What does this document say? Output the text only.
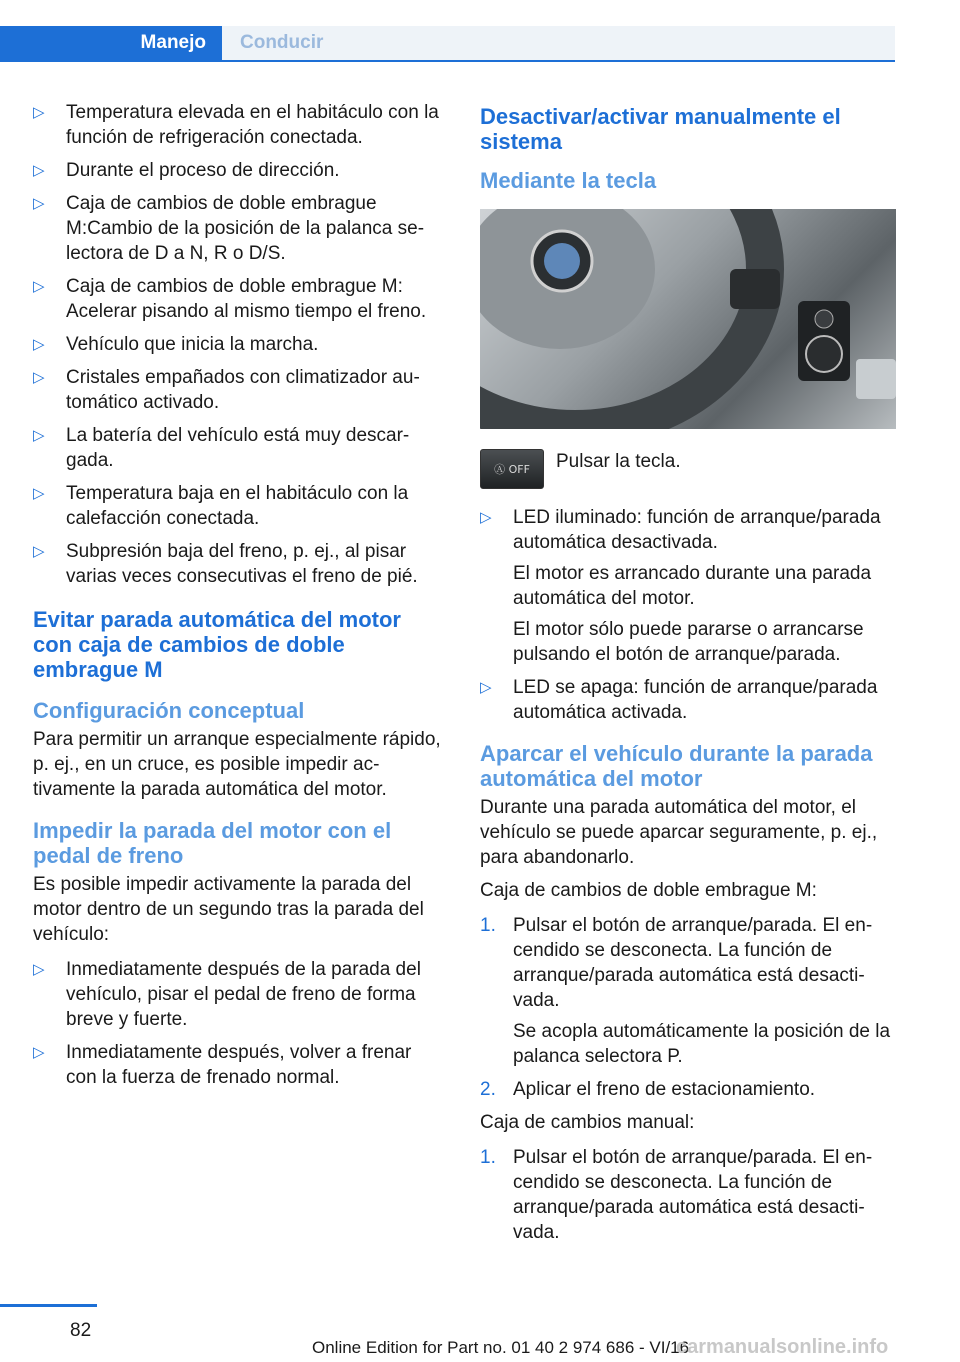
Manejo	Conducir
▷ Temperatura elevada en el habitáculo con la función de refrigeración conectada.
▷ Durante el proceso de dirección.
▷ Caja de cambios de doble embrague M:Cambio de la posición de la palanca selectora de D a N, R o D/S.
▷ Caja de cambios de doble embrague M: Acelerar pisando al mismo tiempo el freno.
▷ Vehículo que inicia la marcha.
▷ Cristales empañados con climatizador automático activado.
▷ La batería del vehículo está muy descargada.
▷ Temperatura baja en el habitáculo con la calefacción conectada.
▷ Subpresión baja del freno, p. ej., al pisar varias veces consecutivas el freno de pié.
Evitar parada automática del motor con caja de cambios de doble embrague M
Configuración conceptual

Para permitir un arranque especialmente rápido, p. ej., en un cruce, es posible impedir activamente la parada automática del motor.

Impedir la parada del motor con el pedal de freno

Es posible impedir activamente la parada del motor dentro de un segundo tras la parada del vehículo:

▷ Inmediatamente después de la parada del vehículo, pisar el pedal de freno de forma breve y fuerte.
▷ Inmediatamente después, volver a frenar con la fuerza de frenado normal.
Desactivar/activar manualmente el sistema
Mediante la tecla
Ⓐ OFF	Pulsar la tecla.
▷ LED iluminado: función de arranque/parada automática desactivada.

El motor es arrancado durante una parada automática del motor.

El motor sólo puede pararse o arrancarse pulsando el botón de arranque/parada.

▷ LED se apaga: función de arranque/parada automática activada.
Aparcar el vehículo durante la parada automática del motor

Durante una parada automática del motor, el vehículo se puede aparcar seguramente, p. ej., para abandonarlo.

Caja de cambios de doble embrague M:

1. Pulsar el botón de arranque/parada. El encendido se desconecta. La función de arranque/parada automática está desactivada.

Se acopla automáticamente la posición de la palanca selectora P.

2. Aplicar el freno de estacionamiento.

Caja de cambios manual:

1. Pulsar el botón de arranque/parada. El encendido se desconecta. La función de arranque/parada automática está desactivada.
82
Online Edition for Part no. 01 40 2 974 686 - VI/16
carmanualsonline.info
